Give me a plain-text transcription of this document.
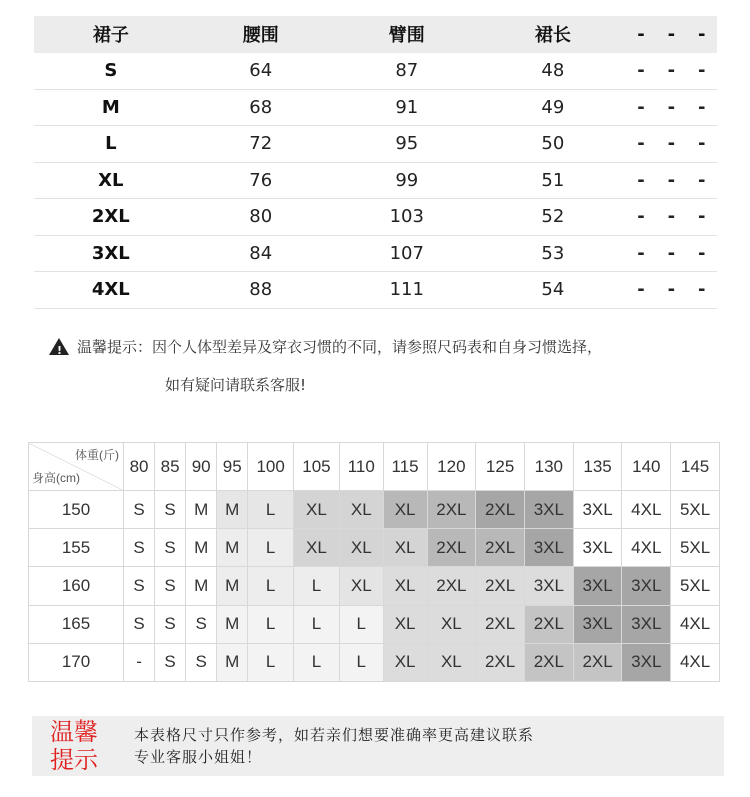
裙子	腰围	臂围	裙长	-	-	-
S	64	87	48	-	-	-
M	68	91	49	-	-	-
L	72	95	50	-	-	-
XL	76	99	51	-	-	-
2XL	80	103	52	-	-	-
3XL	84	107	53	-	-	-
4XL	88	111	54	-	-	-
!温馨提示：因个人体型差异及穿衣习惯的不同，请参照尺码表和自身习惯选择，
如有疑问请联系客服!
体重(斤)
身高(cm)	80	85	90	95	100	105	110	115	120	125	130	135	140	145
150	S	S	M	M	L	XL	XL	XL	2XL	2XL	3XL	3XL	4XL	5XL
155	S	S	M	M	L	XL	XL	XL	2XL	2XL	3XL	3XL	4XL	5XL
160	S	S	M	M	L	L	XL	XL	2XL	2XL	3XL	3XL	3XL	5XL
165	S	S	S	M	L	L	L	XL	XL	2XL	2XL	3XL	3XL	4XL
170	-	S	S	M	L	L	L	XL	XL	2XL	2XL	2XL	3XL	4XL
温馨
提示
本表格尺寸只作参考，如若亲们想要准确率更高建议联系
专业客服小姐姐！
